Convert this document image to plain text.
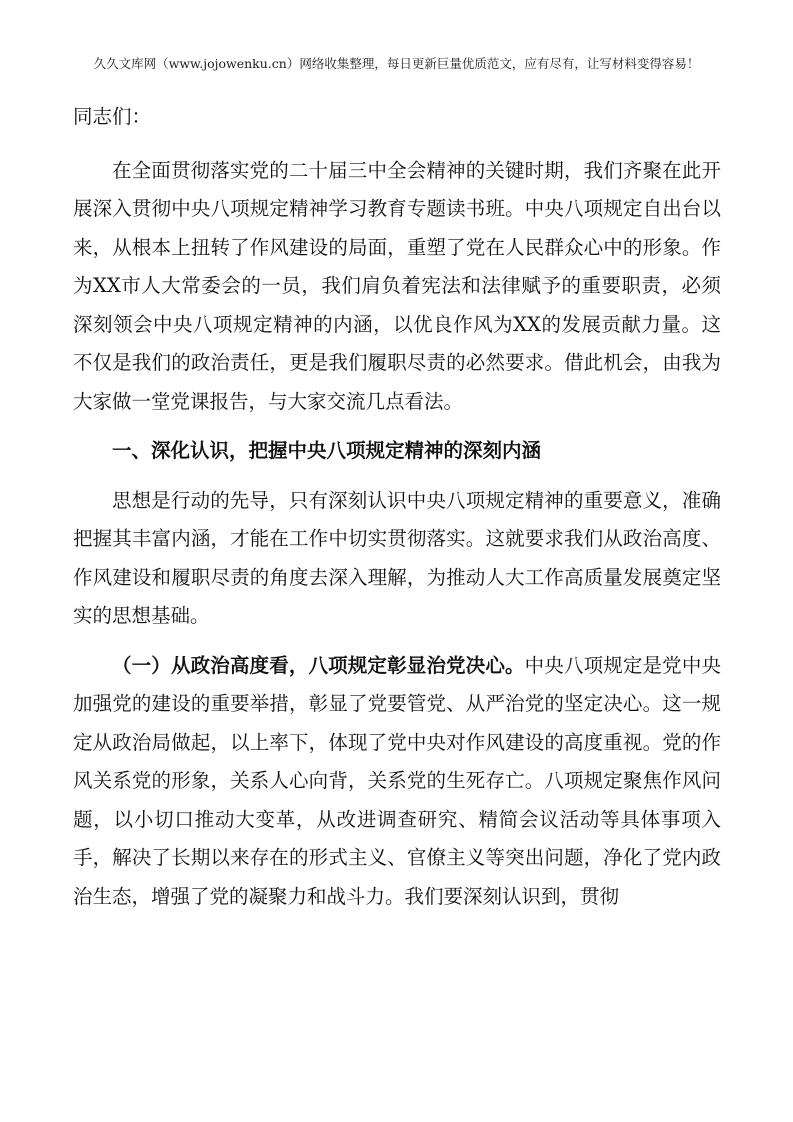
久久文库网（www.jojowenku.cn）网络收集整理，每日更新巨量优质范文，应有尽有，让写材料变得容易！

同志们：

在全面贯彻落实党的二十届三中全会精神的关键时期，我们齐聚在此开展深入贯彻中央八项规定精神学习教育专题读书班。中央八项规定自出台以来，从根本上扭转了作风建设的局面，重塑了党在人民群众心中的形象。作为XX市人大常委会的一员，我们肩负着宪法和法律赋予的重要职责，必须深刻领会中央八项规定精神的内涵，以优良作风为XX的发展贡献力量。这不仅是我们的政治责任，更是我们履职尽责的必然要求。借此机会，由我为大家做一堂党课报告，与大家交流几点看法。

一、深化认识，把握中央八项规定精神的深刻内涵

思想是行动的先导，只有深刻认识中央八项规定精神的重要意义，准确把握其丰富内涵，才能在工作中切实贯彻落实。这就要求我们从政治高度、作风建设和履职尽责的角度去深入理解，为推动人大工作高质量发展奠定坚实的思想基础。

（一）从政治高度看，八项规定彰显治党决心。中央八项规定是党中央加强党的建设的重要举措，彰显了党要管党、从严治党的坚定决心。这一规定从政治局做起，以上率下，体现了党中央对作风建设的高度重视。党的作风关系党的形象，关系人心向背，关系党的生死存亡。八项规定聚焦作风问题，以小切口推动大变革，从改进调查研究、精简会议活动等具体事项入手，解决了长期以来存在的形式主义、官僚主义等突出问题，净化了党内政治生态，增强了党的凝聚力和战斗力。我们要深刻认识到，贯彻
